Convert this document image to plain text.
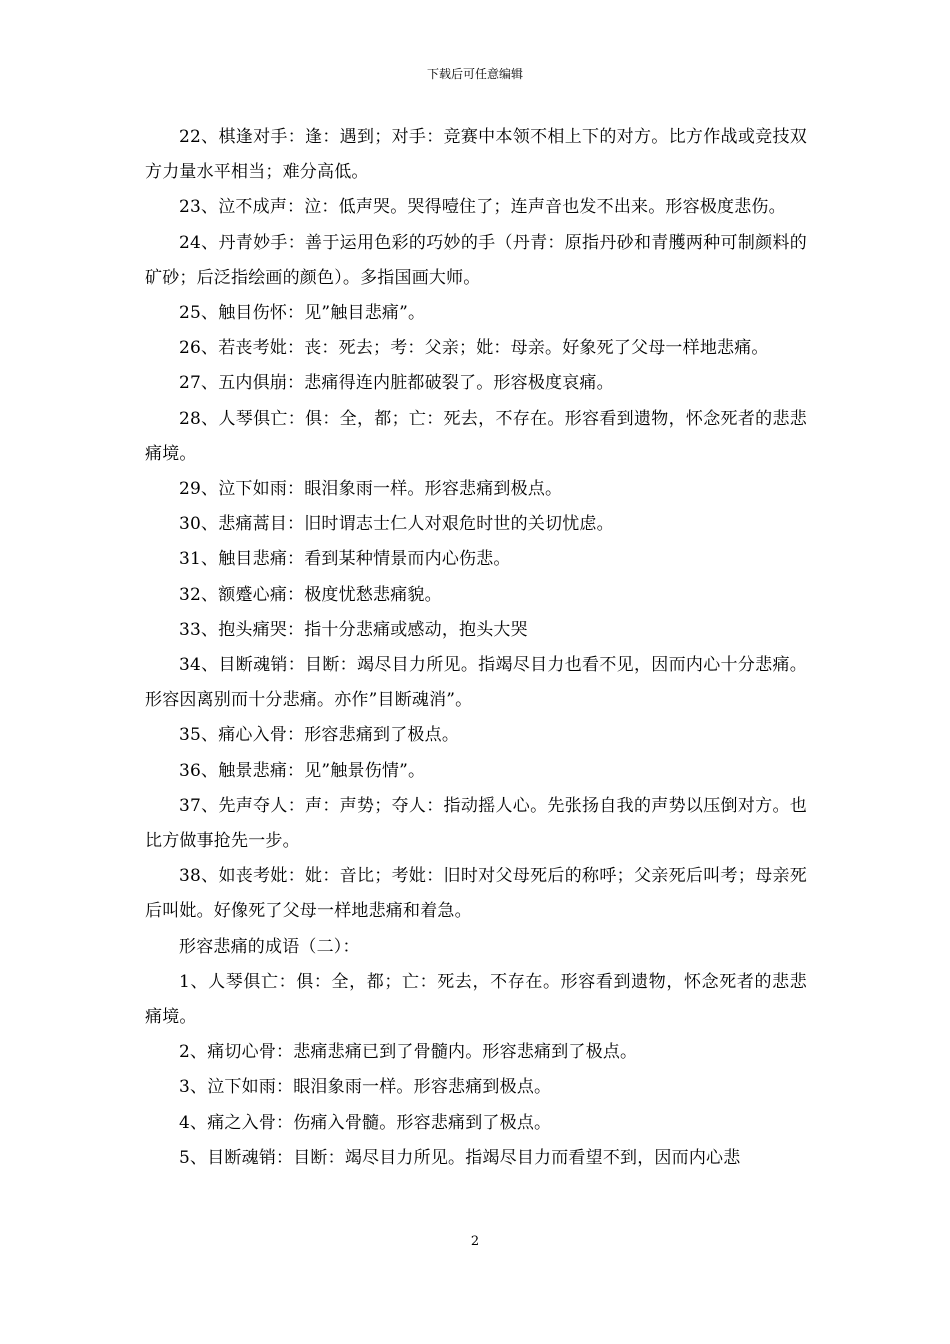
下载后可任意编辑

22、棋逢对手：逢：遇到；对手：竞赛中本领不相上下的对方。比方作战或竞技双方力量水平相当；难分高低。

23、泣不成声：泣：低声哭。哭得噎住了；连声音也发不出来。形容极度悲伤。

24、丹青妙手：善于运用色彩的巧妙的手（丹青：原指丹砂和青雘两种可制颜料的矿砂；后泛指绘画的颜色）。多指国画大师。

25、触目伤怀：见”触目悲痛”。

26、若丧考妣：丧：死去；考：父亲；妣：母亲。好象死了父母一样地悲痛。

27、五内俱崩：悲痛得连内脏都破裂了。形容极度哀痛。

28、人琴俱亡：俱：全，都；亡：死去，不存在。形容看到遗物，怀念死者的悲悲痛境。

29、泣下如雨：眼泪象雨一样。形容悲痛到极点。

30、悲痛蒿目：旧时谓志士仁人对艰危时世的关切忧虑。

31、触目悲痛：看到某种情景而内心伤悲。

32、额蹙心痛：极度忧愁悲痛貌。

33、抱头痛哭：指十分悲痛或感动，抱头大哭

34、目断魂销：目断：竭尽目力所见。指竭尽目力也看不见，因而内心十分悲痛。形容因离别而十分悲痛。亦作”目断魂消”。

35、痛心入骨：形容悲痛到了极点。

36、触景悲痛：见”触景伤情”。

37、先声夺人：声：声势；夺人：指动摇人心。先张扬自我的声势以压倒对方。也比方做事抢先一步。

38、如丧考妣：妣：音比；考妣：旧时对父母死后的称呼；父亲死后叫考；母亲死后叫妣。好像死了父母一样地悲痛和着急。

形容悲痛的成语（二）：

1、人琴俱亡：俱：全，都；亡：死去，不存在。形容看到遗物，怀念死者的悲悲痛境。

2、痛切心骨：悲痛悲痛已到了骨髓内。形容悲痛到了极点。

3、泣下如雨：眼泪象雨一样。形容悲痛到极点。

4、痛之入骨：伤痛入骨髓。形容悲痛到了极点。

5、目断魂销：目断：竭尽目力所见。指竭尽目力而看望不到，因而内心悲

2
